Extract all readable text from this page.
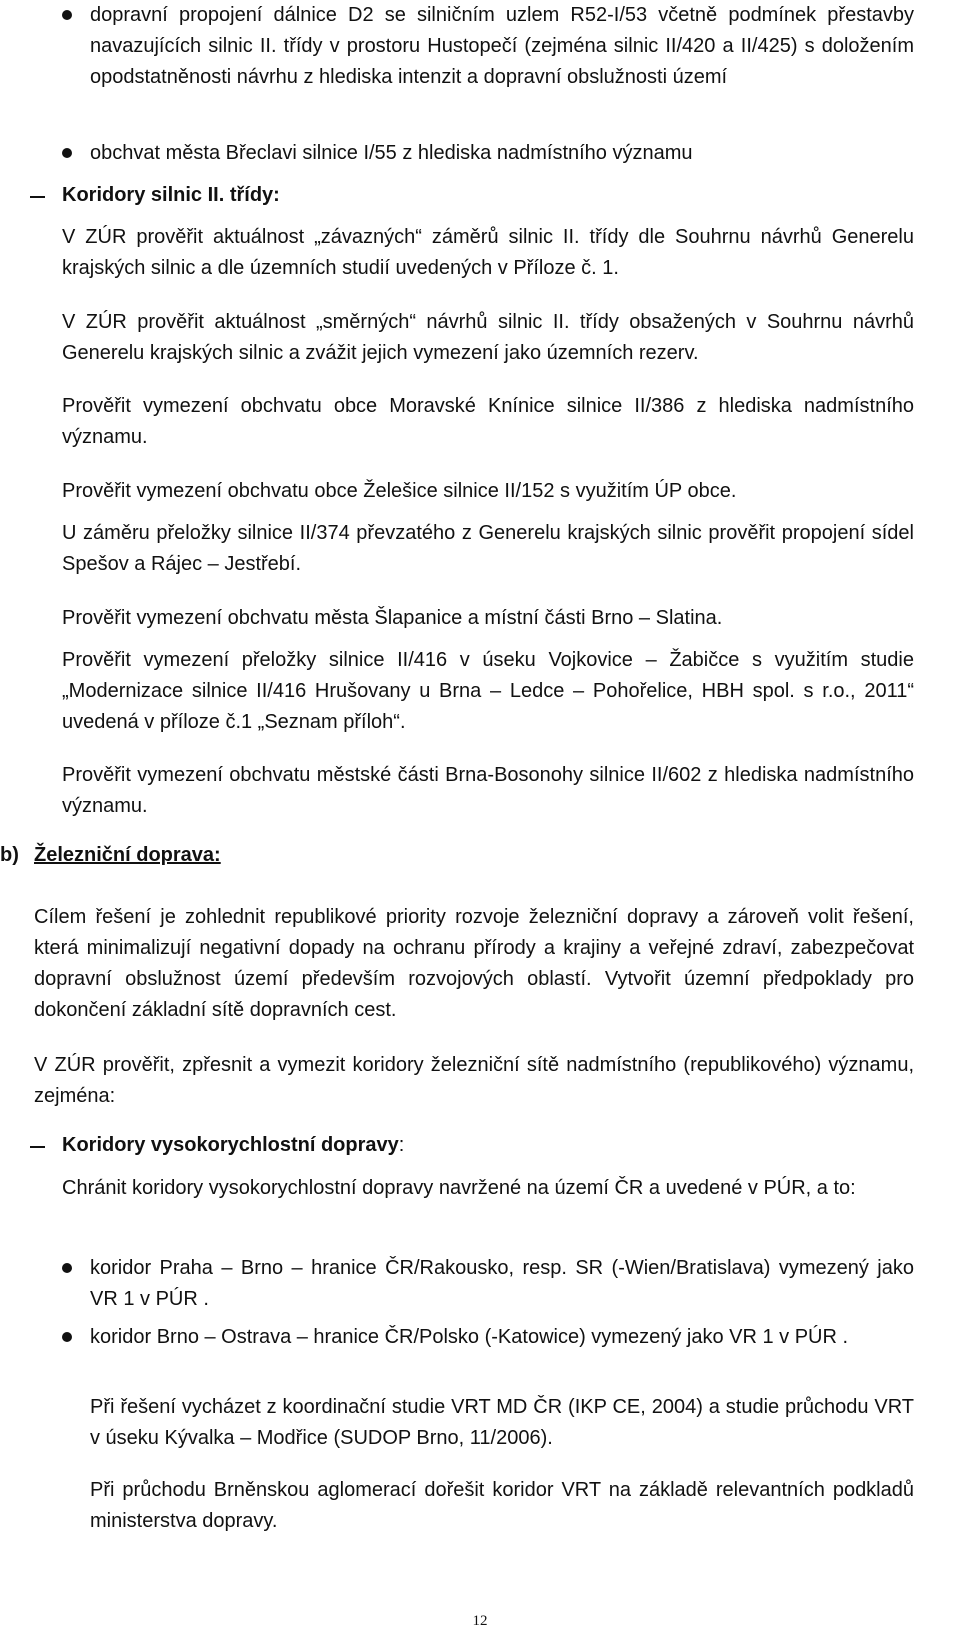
dopravní propojení dálnice D2 se silničním uzlem R52-I/53 včetně podmínek přestavby navazujících silnic II. třídy v prostoru Hustopečí (zejména silnic II/420 a II/425) s doložením opodstatněnosti návrhu z hlediska intenzit a dopravní obslužnosti území
obchvat města Břeclavi silnice I/55 z hlediska nadmístního významu
Koridory silnic II. třídy:
V ZÚR prověřit aktuálnost „závazných“ záměrů silnic II. třídy dle Souhrnu návrhů Generelu krajských silnic a dle územních studií uvedených v Příloze č. 1.
V ZÚR prověřit aktuálnost „směrných“ návrhů silnic II. třídy obsažených v Souhrnu návrhů Generelu krajských silnic a zvážit jejich vymezení jako územních rezerv.
Prověřit vymezení obchvatu obce Moravské Knínice silnice II/386 z hlediska nadmístního významu.
Prověřit vymezení obchvatu obce Želešice silnice II/152 s využitím ÚP obce.
U záměru přeložky silnice II/374 převzatého z Generelu krajských silnic prověřit propojení sídel Spešov a Rájec – Jestřebí.
Prověřit vymezení obchvatu města Šlapanice a místní části Brno – Slatina.
Prověřit vymezení přeložky silnice II/416 v úseku Vojkovice – Žabičce s využitím studie „Modernizace silnice II/416 Hrušovany u Brna – Ledce – Pohořelice, HBH spol. s r.o., 2011“ uvedená v příloze č.1 „Seznam příloh“.
Prověřit vymezení obchvatu městské části Brna-Bosonohy silnice II/602 z hlediska nadmístního významu.
b) Železniční doprava:
Cílem řešení je zohlednit republikové priority rozvoje železniční dopravy a zároveň volit řešení, která minimalizují negativní dopady na ochranu přírody a krajiny a veřejné zdraví, zabezpečovat dopravní obslužnost území především rozvojových oblastí. Vytvořit územní předpoklady pro dokončení základní sítě dopravních cest.
V ZÚR prověřit, zpřesnit a vymezit koridory železniční sítě nadmístního (republikového) významu, zejména:
Koridory vysokorychlostní dopravy:
Chránit koridory vysokorychlostní dopravy navržené na území ČR a uvedené v PÚR, a to:
koridor Praha – Brno – hranice ČR/Rakousko, resp. SR (-Wien/Bratislava) vymezený jako VR 1 v PÚR .
koridor Brno – Ostrava – hranice ČR/Polsko (-Katowice) vymezený jako VR 1 v PÚR .
Při řešení vycházet z koordinační studie VRT MD ČR (IKP CE, 2004) a studie průchodu VRT v úseku Kývalka – Modřice (SUDOP Brno, 11/2006).
Při průchodu Brněnskou aglomerací dořešit koridor VRT na základě relevantních podkladů ministerstva dopravy.
12
